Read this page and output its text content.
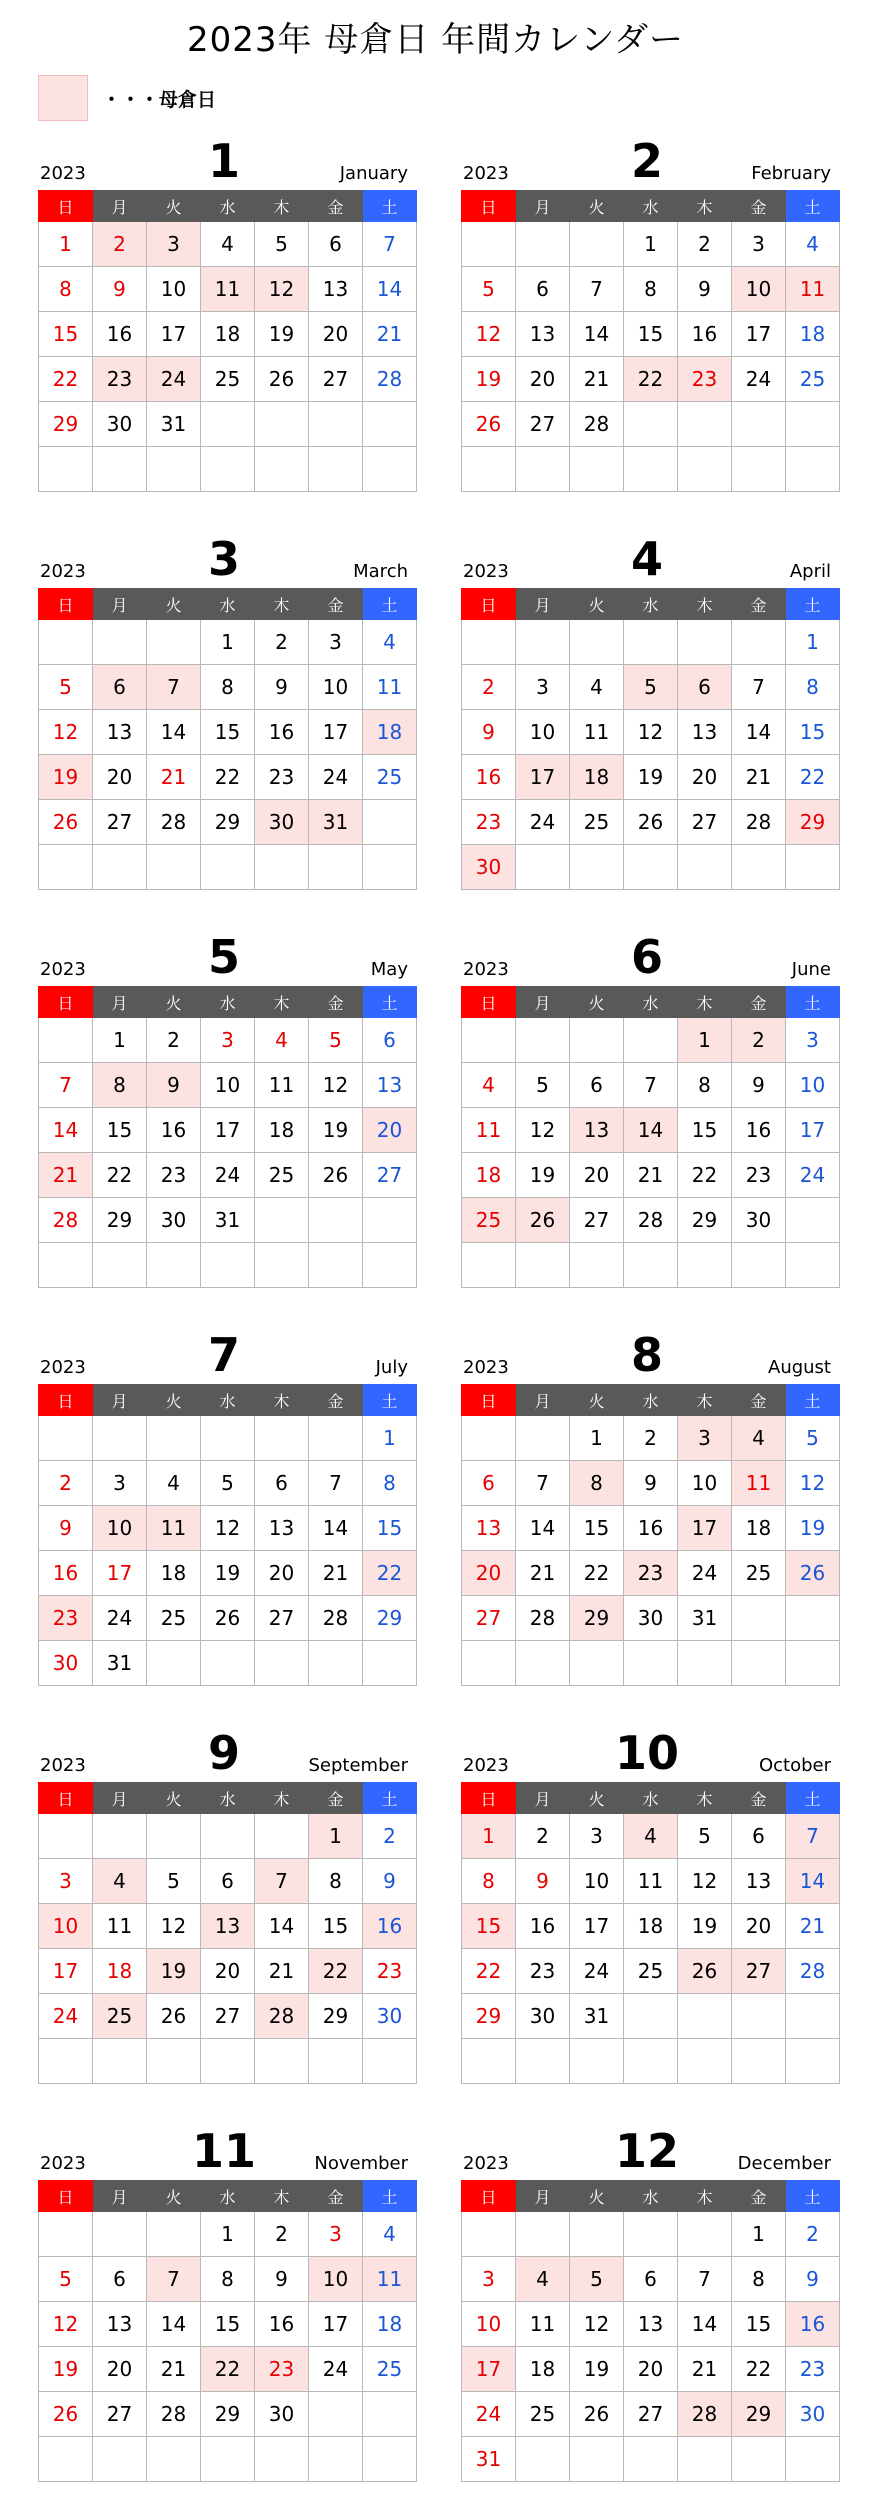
2023年 母倉日 年間カレンダー
・・・母倉日
2023	1	January
日	月	火	水	木	金	土
1	2	3	4	5	6	7
8	9	10	11	12	13	14
15	16	17	18	19	20	21
22	23	24	25	26	27	28
29	30	31				

2023	2	February
日	月	火	水	木	金	土
			1	2	3	4
5	6	7	8	9	10	11
12	13	14	15	16	17	18
19	20	21	22	23	24	25
26	27	28				

2023	3	March
日	月	火	水	木	金	土
			1	2	3	4
5	6	7	8	9	10	11
12	13	14	15	16	17	18
19	20	21	22	23	24	25
26	27	28	29	30	31	

2023	4	April
日	月	火	水	木	金	土
						1
2	3	4	5	6	7	8
9	10	11	12	13	14	15
16	17	18	19	20	21	22
23	24	25	26	27	28	29
30						
2023	5	May
日	月	火	水	木	金	土
	1	2	3	4	5	6
7	8	9	10	11	12	13
14	15	16	17	18	19	20
21	22	23	24	25	26	27
28	29	30	31			

2023	6	June
日	月	火	水	木	金	土
				1	2	3
4	5	6	7	8	9	10
11	12	13	14	15	16	17
18	19	20	21	22	23	24
25	26	27	28	29	30	

2023	7	July
日	月	火	水	木	金	土
						1
2	3	4	5	6	7	8
9	10	11	12	13	14	15
16	17	18	19	20	21	22
23	24	25	26	27	28	29
30	31					
2023	8	August
日	月	火	水	木	金	土
		1	2	3	4	5
6	7	8	9	10	11	12
13	14	15	16	17	18	19
20	21	22	23	24	25	26
27	28	29	30	31		

2023	9	September
日	月	火	水	木	金	土
					1	2
3	4	5	6	7	8	9
10	11	12	13	14	15	16
17	18	19	20	21	22	23
24	25	26	27	28	29	30

2023	10	October
日	月	火	水	木	金	土
1	2	3	4	5	6	7
8	9	10	11	12	13	14
15	16	17	18	19	20	21
22	23	24	25	26	27	28
29	30	31				

2023	11	November
日	月	火	水	木	金	土
			1	2	3	4
5	6	7	8	9	10	11
12	13	14	15	16	17	18
19	20	21	22	23	24	25
26	27	28	29	30		

2023	12	December
日	月	火	水	木	金	土
					1	2
3	4	5	6	7	8	9
10	11	12	13	14	15	16
17	18	19	20	21	22	23
24	25	26	27	28	29	30
31						
